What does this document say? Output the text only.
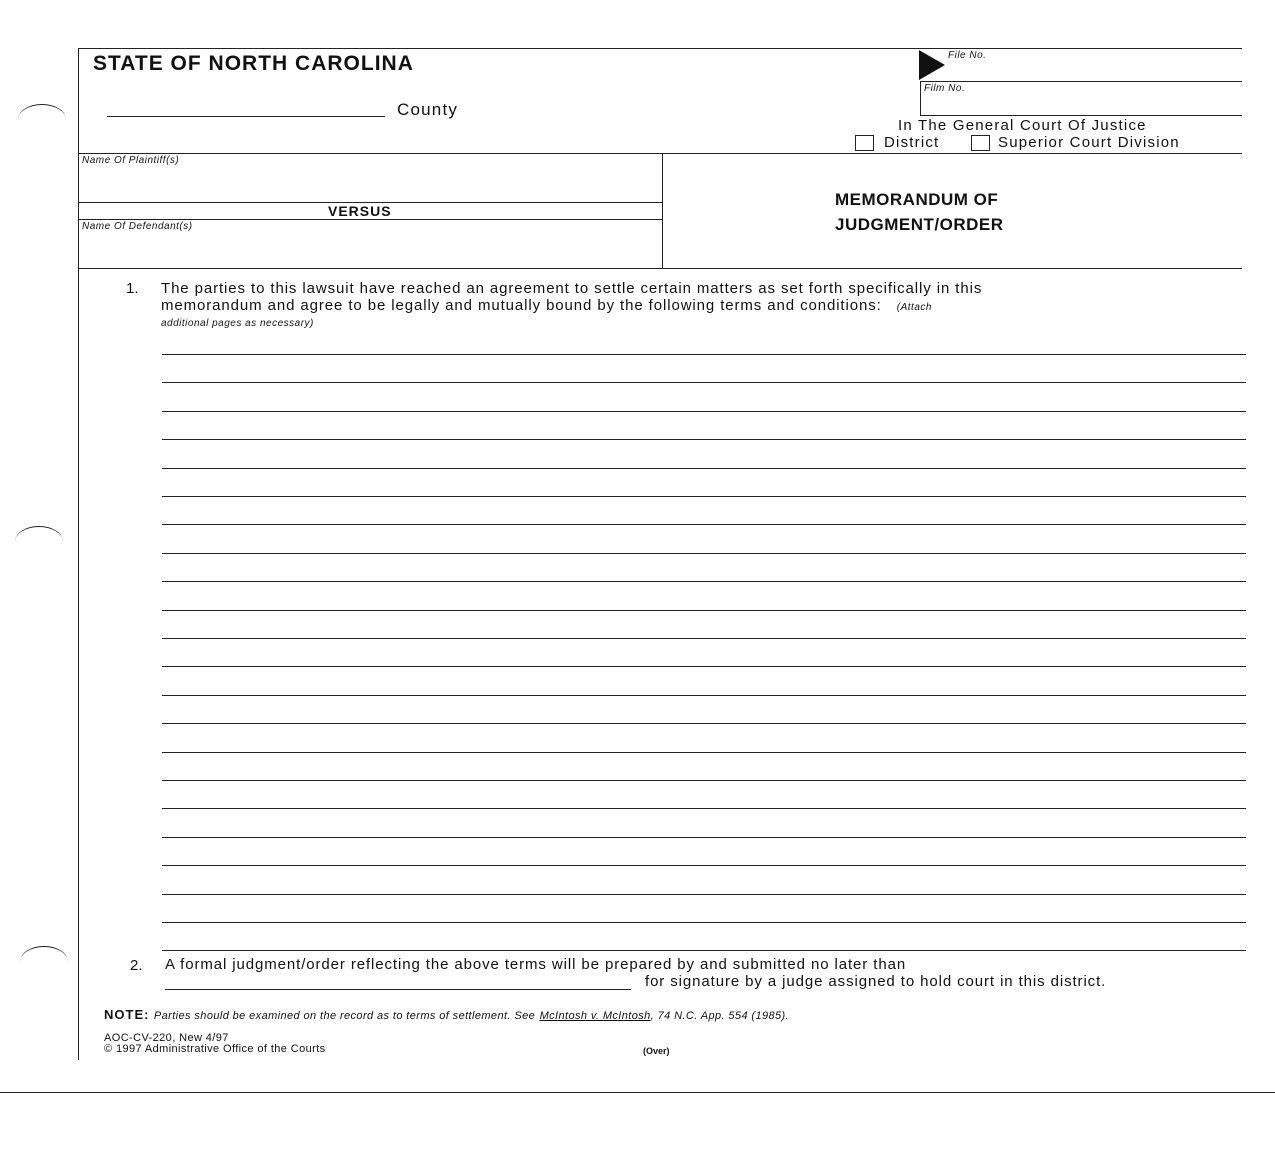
STATE OF NORTH CAROLINA
County
File No.
Film No.
In The General Court Of Justice
District	Superior Court Division
Name Of Plaintiff(s)
VERSUS
Name Of Defendant(s)
MEMORANDUM OF
JUDGMENT/ORDER
1. The parties to this lawsuit have reached an agreement to settle certain matters as set forth specifically in this
memorandum and agree to be legally and mutually bound by the following terms and conditions: (Attach
additional pages as necessary)
2. A formal judgment/order reflecting the above terms will be prepared by and submitted no later than
for signature by a judge assigned to hold court in this district.
NOTE: Parties should be examined on the record as to terms of settlement. See McIntosh v. McIntosh, 74 N.C. App. 554 (1985).
AOC-CV-220, New 4/97
© 1997 Administrative Office of the Courts	(Over)
